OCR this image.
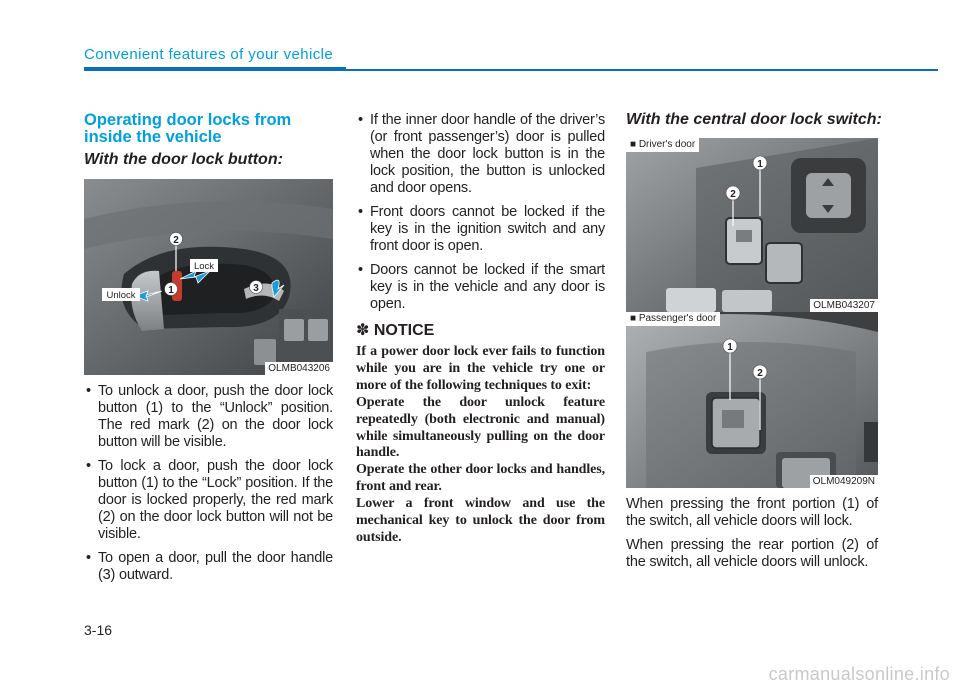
Convenient features of your vehicle
Operating door locks from inside the vehicle
With the door lock button:
2
1	3
Lock
Unlock
OLMB043206
• To unlock a door, push the door lock button (1) to the “Unlock” position. The red mark (2) on the door lock button will be visible.
• To lock a door, push the door lock button (1) to the “Lock” position. If the door is locked properly, the red mark (2) on the door lock button will not be visible.
• To open a door, pull the door handle (3) outward.
• If the inner door handle of the driver’s (or front passenger’s) door is pulled when the door lock button is in the lock position, the button is unlocked and door opens.
• Front doors cannot be locked if the key is in the ignition switch and any front door is open.
• Doors cannot be locked if the smart key is in the vehicle and any door is open.
✽ NOTICE

If a power door lock ever fails to function while you are in the vehicle try one or more of the following techniques to exit:

Operate the door unlock feature repeatedly (both electronic and manual) while simultaneously pulling on the door handle.

Operate the other door locks and handles, front and rear.

Lower a front window and use the mechanical key to unlock the door from outside.

With the central door lock switch:
2
1
■ Driver's door
OLMB043207
1
2
■ Passenger's door
OLM049209N

When pressing the front portion (1) of the switch, all vehicle doors will lock.

When pressing the rear portion (2) of the switch, all vehicle doors will unlock.

3-16
carmanualsonline.info
